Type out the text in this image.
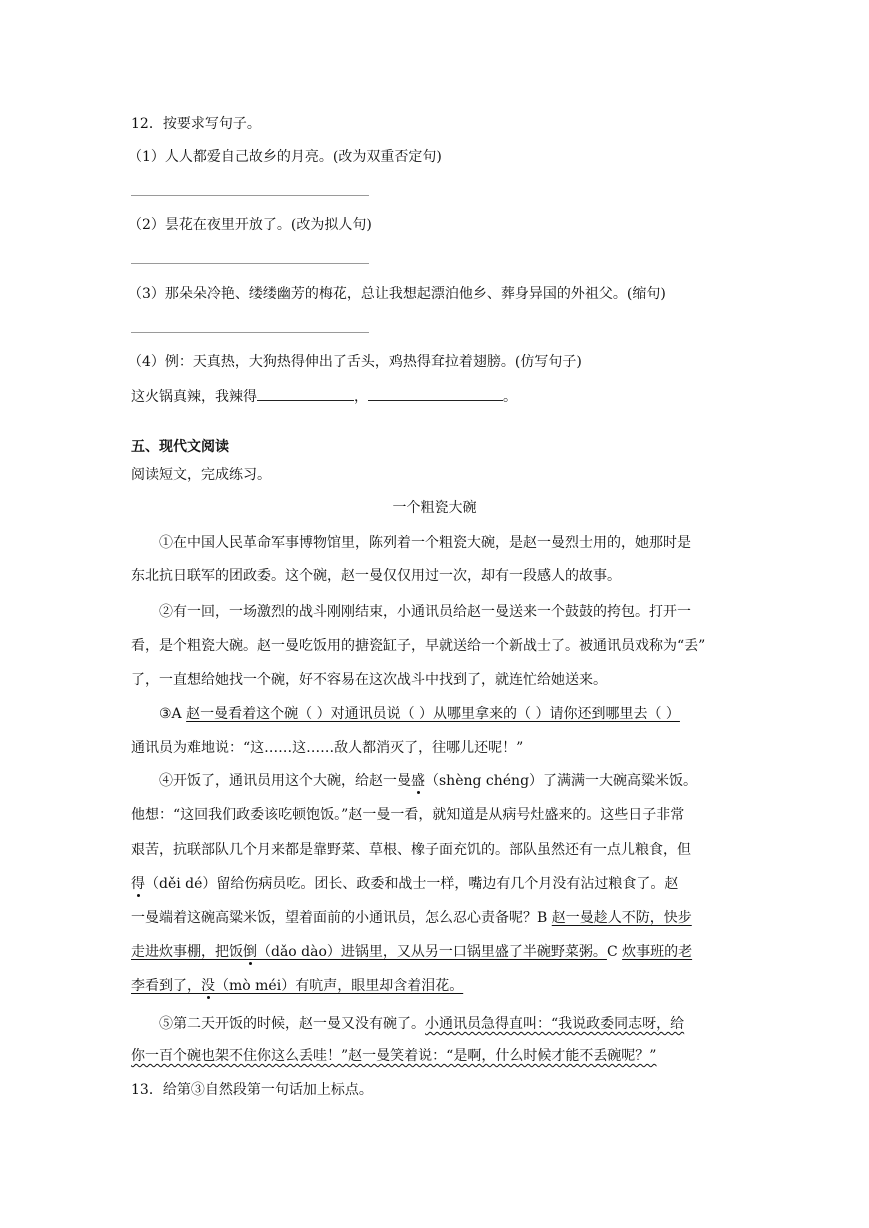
12．按要求写句子。
（1）人人都爱自己故乡的月亮。(改为双重否定句)
（2）昙花在夜里开放了。(改为拟人句)
（3）那朵朵冷艳、缕缕幽芳的梅花，总让我想起漂泊他乡、葬身异国的外祖父。(缩句)
（4）例：天真热，大狗热得伸出了舌头，鸡热得耷拉着翅膀。(仿写句子)
这火锅真辣，我辣得	，	。
五、现代文阅读
阅读短文，完成练习。
一个粗瓷大碗
①在中国人民革命军事博物馆里，陈列着一个粗瓷大碗，是赵一曼烈士用的，她那时是
东北抗日联军的团政委。这个碗，赵一曼仅仅用过一次，却有一段感人的故事。
②有一回，一场激烈的战斗刚刚结束，小通讯员给赵一曼送来一个鼓鼓的挎包。打开一
看，是个粗瓷大碗。赵一曼吃饭用的搪瓷缸子，早就送给一个新战士了。被通讯员戏称为“丢”
了，一直想给她找一个碗，好不容易在这次战斗中找到了，就连忙给她送来。
③A 赵一曼看着这个碗（ ）对通讯员说（ ）从哪里拿来的（ ）请你还到哪里去（ ）
通讯员为难地说：“这……这……敌人都消灭了，往哪儿还呢！”
④开饭了，通讯员用这个大碗，给赵一曼盛（shèng chéng）了满满一大碗高粱米饭。
他想：“这回我们政委该吃顿饱饭。”赵一曼一看，就知道是从病号灶盛来的。这些日子非常
艰苦，抗联部队几个月来都是靠野菜、草根、橡子面充饥的。部队虽然还有一点儿粮食，但
得（děi dé）留给伤病员吃。团长、政委和战士一样，嘴边有几个月没有沾过粮食了。赵
一曼端着这碗高粱米饭，望着面前的小通讯员，怎么忍心责备呢？B 赵一曼趁人不防，快步
走进炊事棚，把饭倒（dǎo dào）进锅里，又从另一口锅里盛了半碗野菜粥。C 炊事班的老
李看到了，没（mò méi）有吭声，眼里却含着泪花。
⑤第二天开饭的时候，赵一曼又没有碗了。小通讯员急得直叫：“我说政委同志呀，给
你一百个碗也架不住你这么丢哇！”赵一曼笑着说：“是啊，什么时候才能不丢碗呢？”
13．给第③自然段第一句话加上标点。
